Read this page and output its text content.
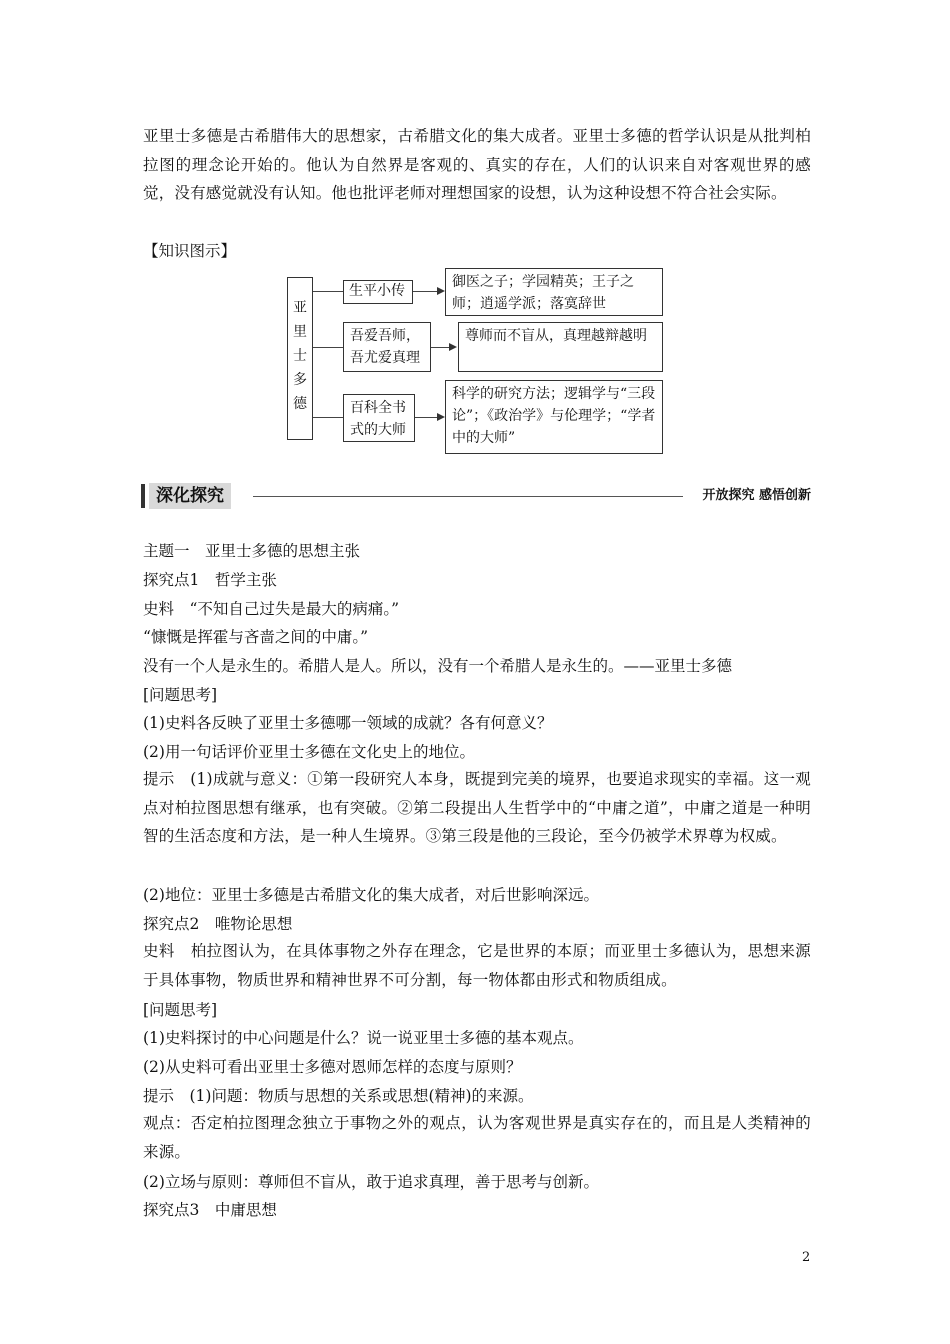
亚里士多德是古希腊伟大的思想家，古希腊文化的集大成者。亚里士多德的哲学认识是从批判柏拉图的理念论开始的。他认为自然界是客观的、真实的存在，人们的认识来自对客观世界的感觉，没有感觉就没有认知。他也批评老师对理想国家的设想，认为这种设想不符合社会实际。
【知识图示】
亚里士多德
生平小传
御医之子；学园精英；王子之师；逍遥学派；落寞辞世
吾爱吾师，吾尤爱真理
尊师而不盲从，真理越辩越明
百科全书式的大师
科学的研究方法；逻辑学与“三段论”；《政治学》与伦理学；“学者中的大师”
深化探究	开放探究 感悟创新
主题一　亚里士多德的思想主张
探究点1　哲学主张
史料　“不知自己过失是最大的病痛。”
“慷慨是挥霍与吝啬之间的中庸。”
没有一个人是永生的。希腊人是人。所以，没有一个希腊人是永生的。——亚里士多德
[问题思考]
(1)史料各反映了亚里士多德哪一领域的成就？各有何意义？
(2)用一句话评价亚里士多德在文化史上的地位。
提示　(1)成就与意义：①第一段研究人本身，既提到完美的境界，也要追求现实的幸福。这一观点对柏拉图思想有继承，也有突破。②第二段提出人生哲学中的“中庸之道”，中庸之道是一种明智的生活态度和方法，是一种人生境界。③第三段是他的三段论，至今仍被学术界尊为权威。
(2)地位：亚里士多德是古希腊文化的集大成者，对后世影响深远。
探究点2　唯物论思想
史料　柏拉图认为，在具体事物之外存在理念，它是世界的本原；而亚里士多德认为，思想来源于具体事物，物质世界和精神世界不可分割，每一物体都由形式和物质组成。
[问题思考]
(1)史料探讨的中心问题是什么？说一说亚里士多德的基本观点。
(2)从史料可看出亚里士多德对恩师怎样的态度与原则？
提示　(1)问题：物质与思想的关系或思想(精神)的来源。
观点：否定柏拉图理念独立于事物之外的观点，认为客观世界是真实存在的，而且是人类精神的来源。
(2)立场与原则：尊师但不盲从，敢于追求真理，善于思考与创新。
探究点3　中庸思想
2
